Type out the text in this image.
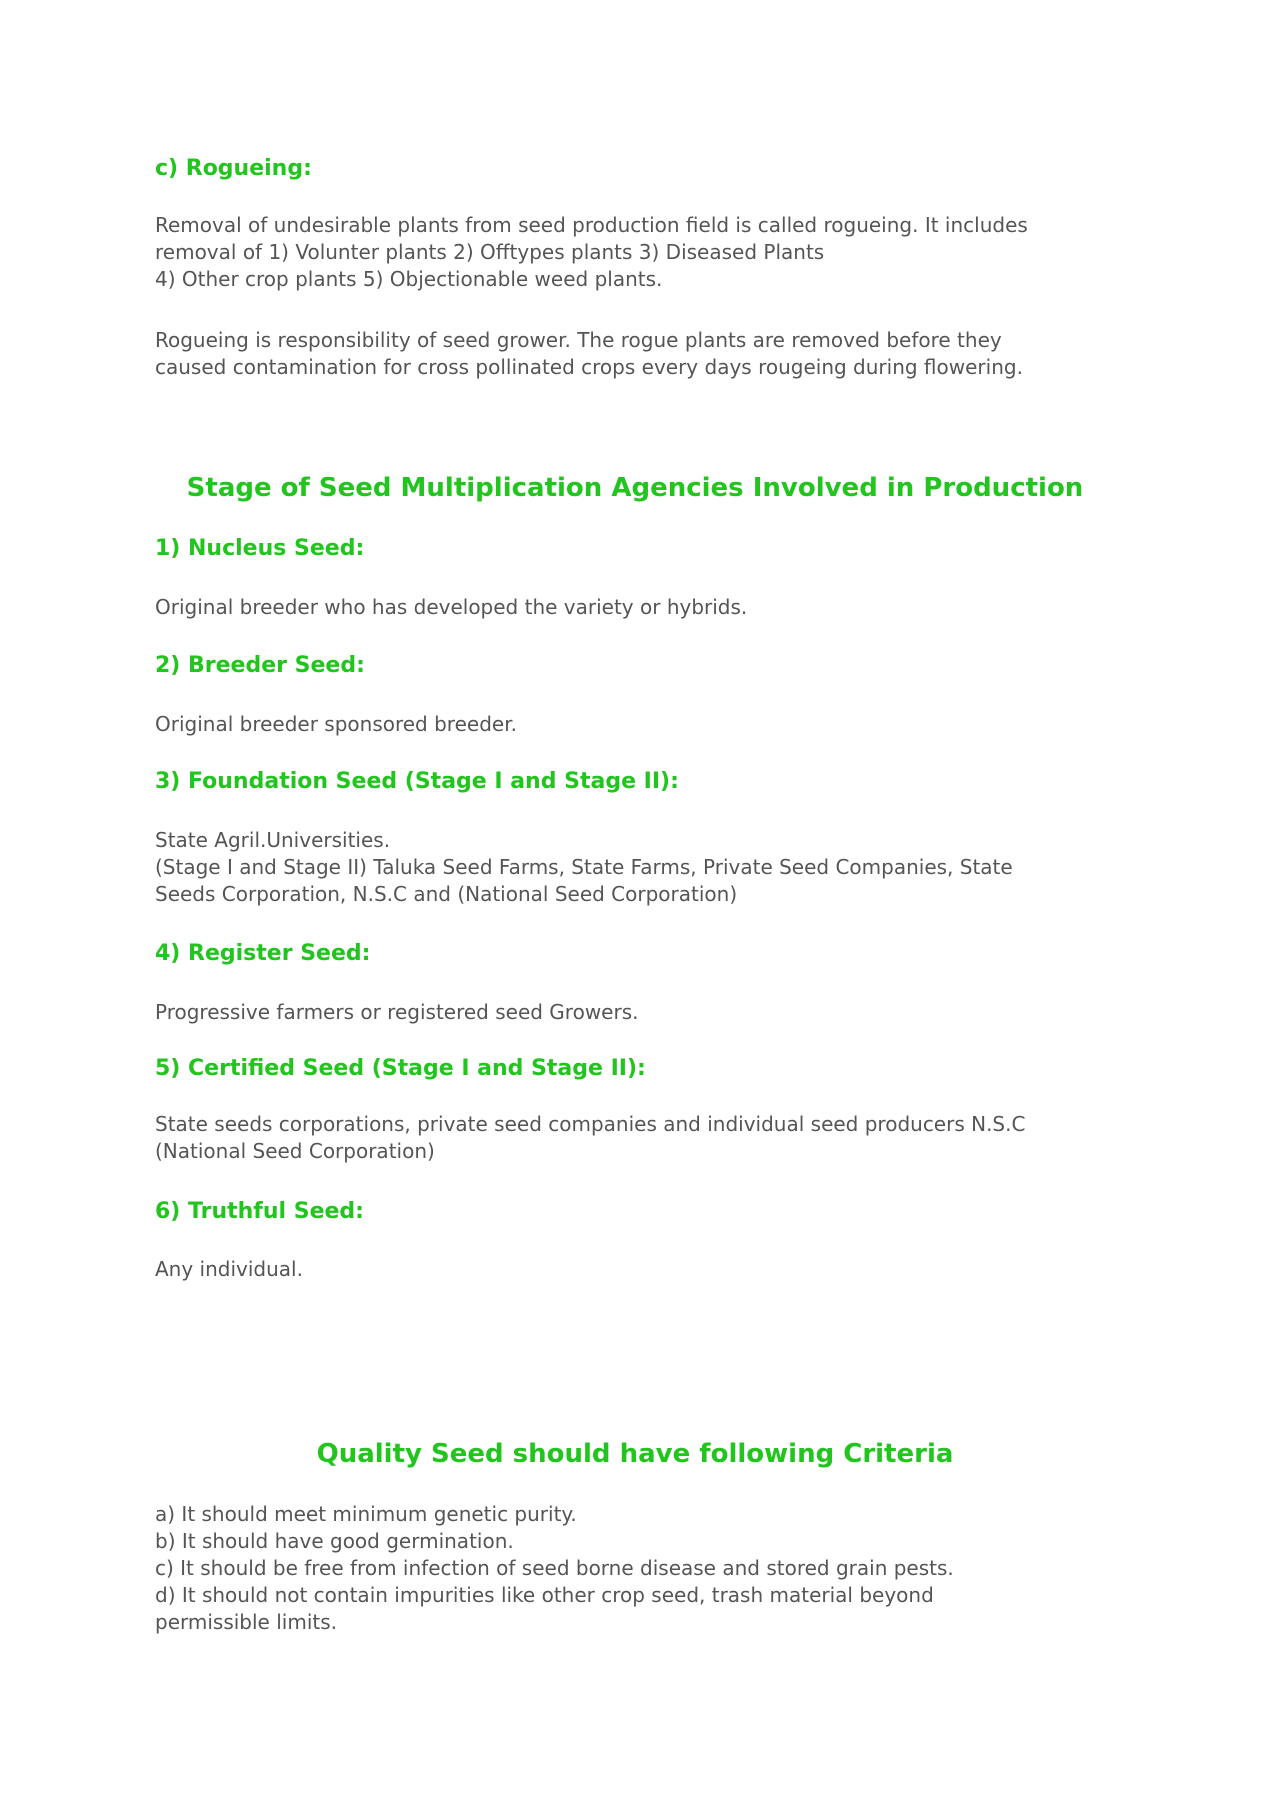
c) Rogueing:

Removal of undesirable plants from seed production field is called rogueing. It includes

removal of 1) Volunter plants 2) Offtypes plants 3) Diseased Plants

4) Other crop plants 5) Objectionable weed plants.

Rogueing is responsibility of seed grower. The rogue plants are removed before they

caused contamination for cross pollinated crops every days rougeing during flowering.

Stage of Seed Multiplication Agencies Involved in Production
1) Nucleus Seed:

Original breeder who has developed the variety or hybrids.

2) Breeder Seed:

Original breeder sponsored breeder.

3) Foundation Seed (Stage I and Stage II):

State Agril.Universities.

(Stage I and Stage II) Taluka Seed Farms, State Farms, Private Seed Companies, State

Seeds Corporation, N.S.C and (National Seed Corporation)

4) Register Seed:

Progressive farmers or registered seed Growers.

5) Certified Seed (Stage I and Stage II):

State seeds corporations, private seed companies and individual seed producers N.S.C

(National Seed Corporation)

6) Truthful Seed:

Any individual.

Quality Seed should have following Criteria

a) It should meet minimum genetic purity.

b) It should have good germination.

c) It should be free from infection of seed borne disease and stored grain pests.

d) It should not contain impurities like other crop seed, trash material beyond

permissible limits.
